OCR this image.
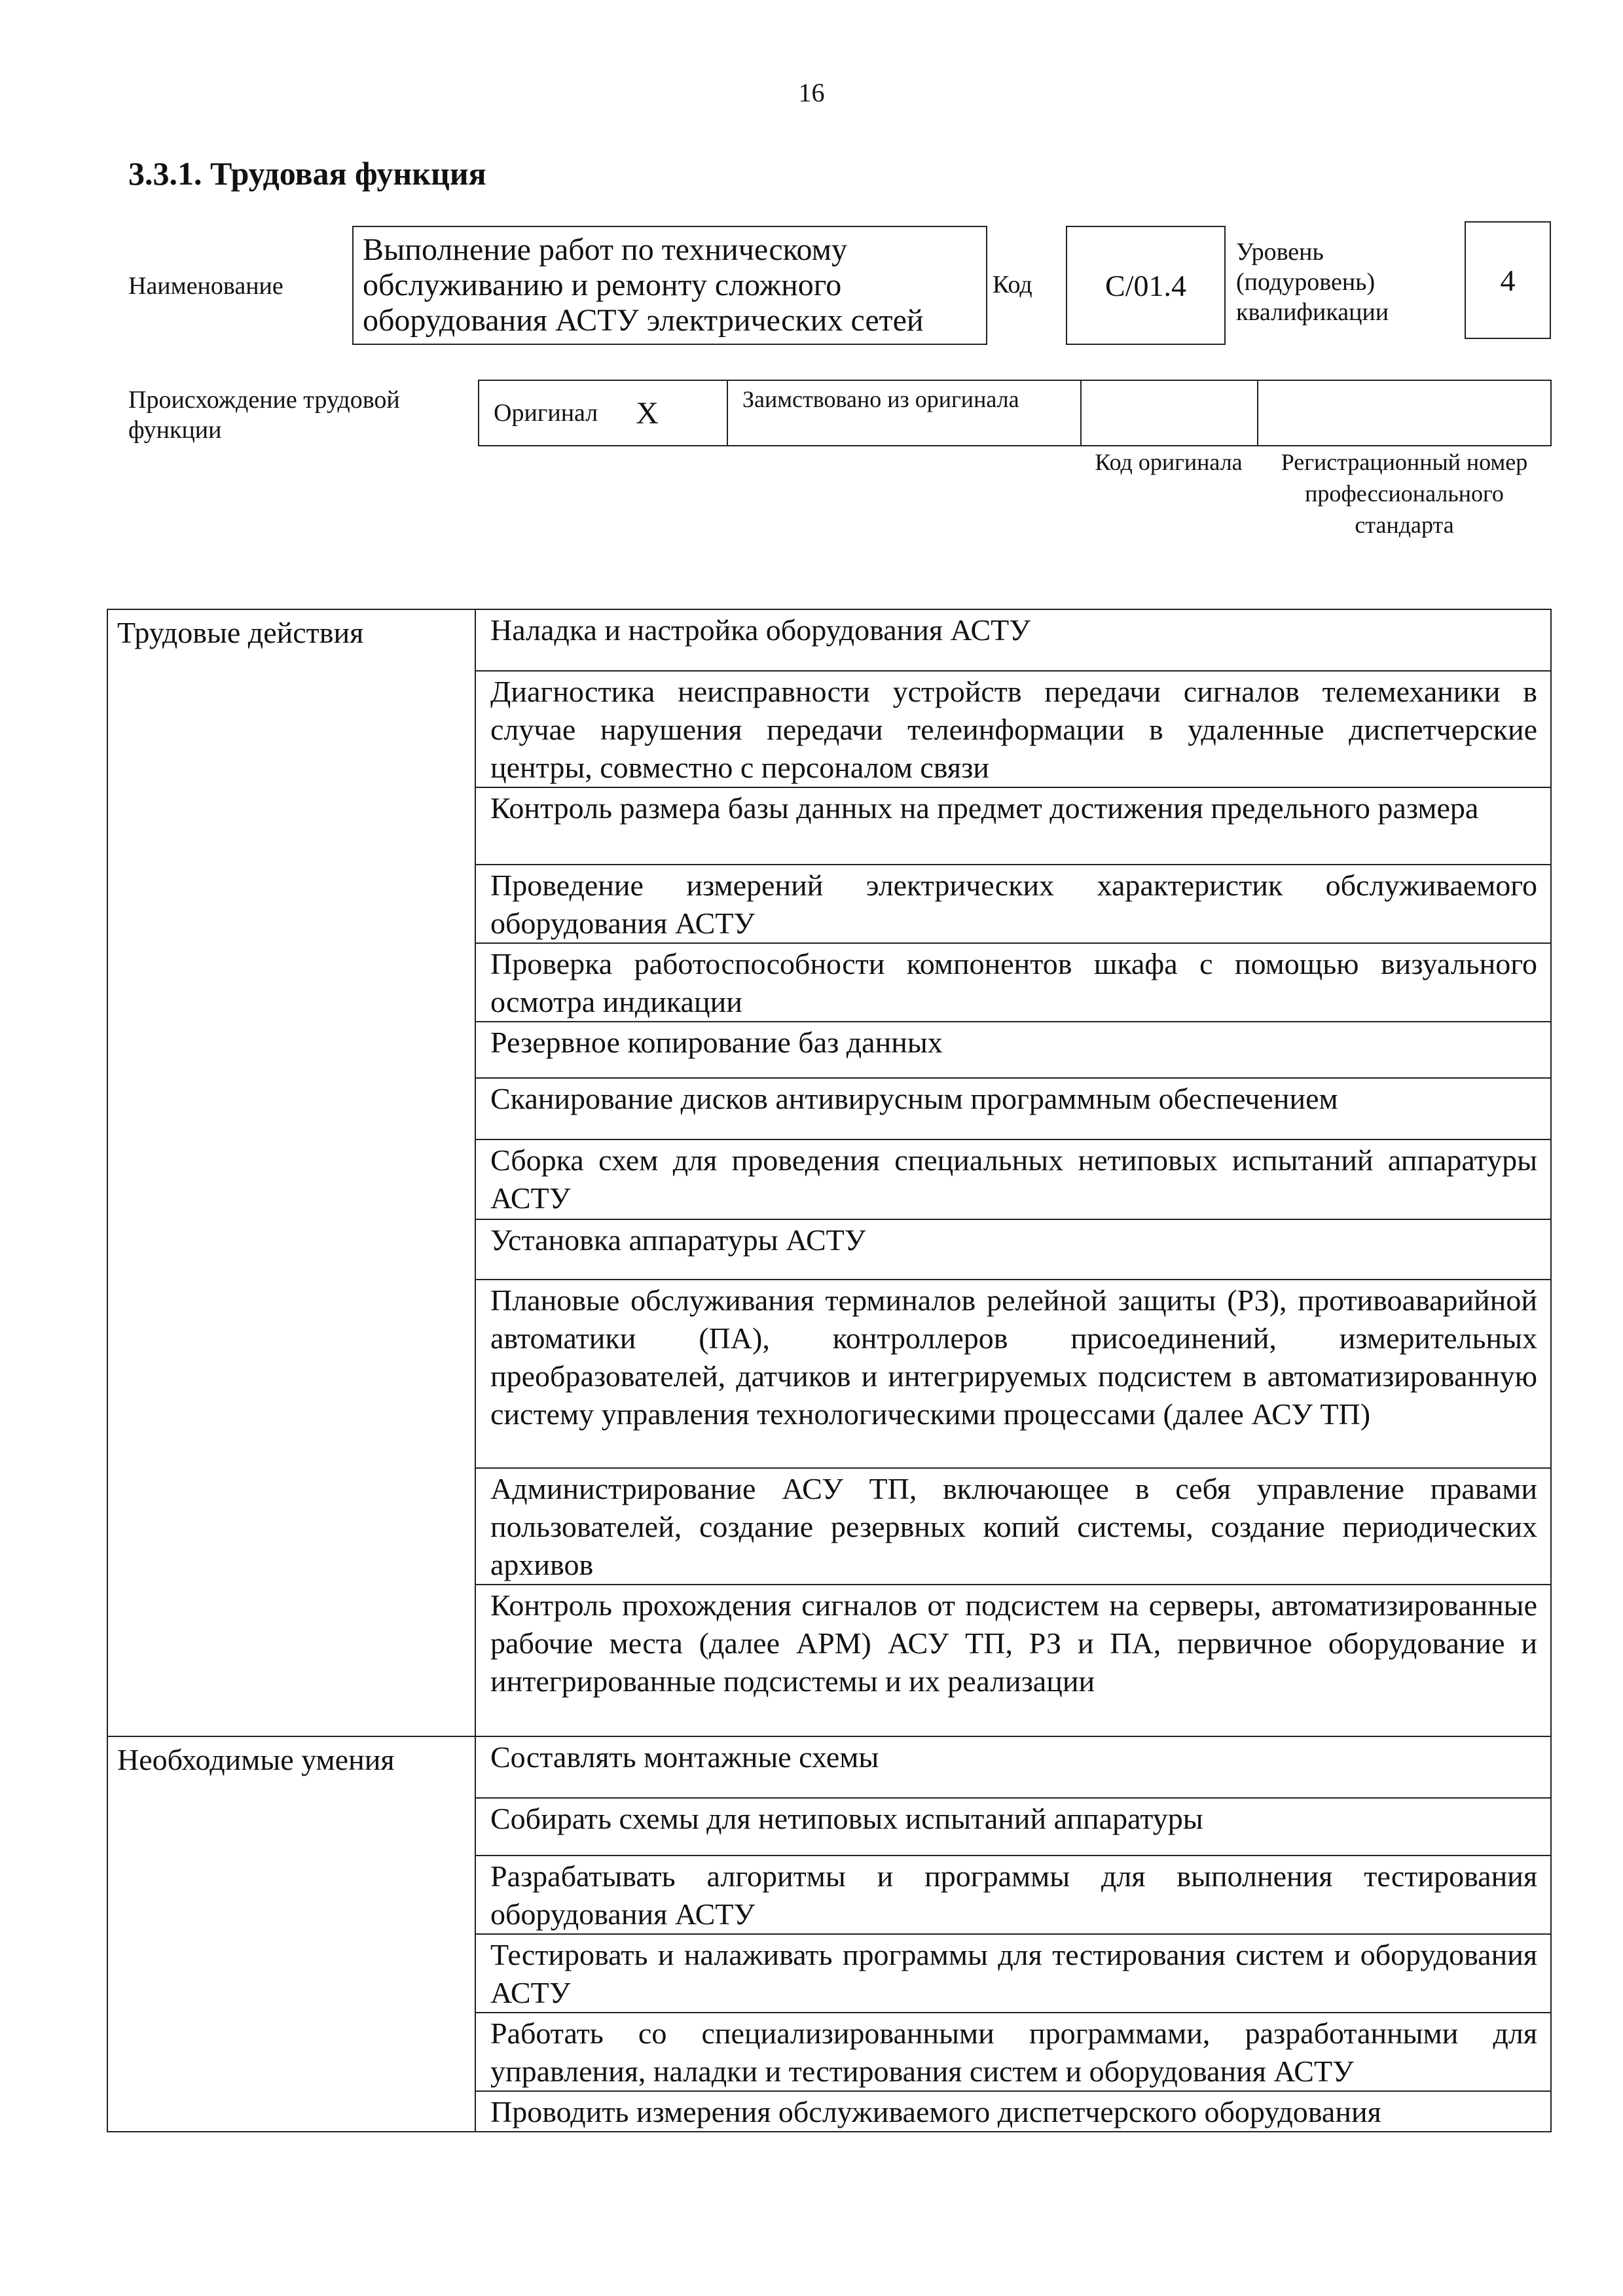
16
3.3.1. Трудовая функция
Наименование
Выполнение работ по техническому обслуживанию и ремонту сложного оборудования АСТУ электрических сетей
Код	C/01.4
Уровень (подуровень) квалификации
4
Происхождение трудовой функции
Оригинал X	Заимствовано из оригинала
Код оригинала	Регистрационный номер профессионального стандарта
Трудовые действия	Наладка и настройка оборудования АСТУ
	Диагностика неисправности устройств передачи сигналов телемеханики в случае нарушения передачи телеинформации в удаленные диспетчерские центры, совместно с персоналом связи
	Контроль размера базы данных на предмет достижения предельного размера
	Проведение измерений электрических характеристик обслуживаемого оборудования АСТУ
	Проверка работоспособности компонентов шкафа с помощью визуального осмотра индикации
	Резервное копирование баз данных
	Сканирование дисков антивирусным программным обеспечением
	Сборка схем для проведения специальных нетиповых испытаний аппаратуры АСТУ
	Установка аппаратуры АСТУ
	Плановые обслуживания терминалов релейной защиты (РЗ), противоаварийной автоматики (ПА), контроллеров присоединений, измерительных преобразователей, датчиков и интегрируемых подсистем в автоматизированную систему управления технологическими процессами (далее АСУ ТП)
	Администрирование АСУ ТП, включающее в себя управление правами пользователей, создание резервных копий системы, создание периодических архивов
	Контроль прохождения сигналов от подсистем на серверы, автоматизированные рабочие места (далее АРМ) АСУ ТП, РЗ и ПА, первичное оборудование и интегрированные подсистемы и их реализации
Необходимые умения	Составлять монтажные схемы
	Собирать схемы для нетиповых испытаний аппаратуры
	Разрабатывать алгоритмы и программы для выполнения тестирования оборудования АСТУ
	Тестировать и налаживать программы для тестирования систем и оборудования АСТУ
	Работать со специализированными программами, разработанными для управления, наладки и тестирования систем и оборудования АСТУ
	Проводить измерения обслуживаемого диспетчерского оборудования
